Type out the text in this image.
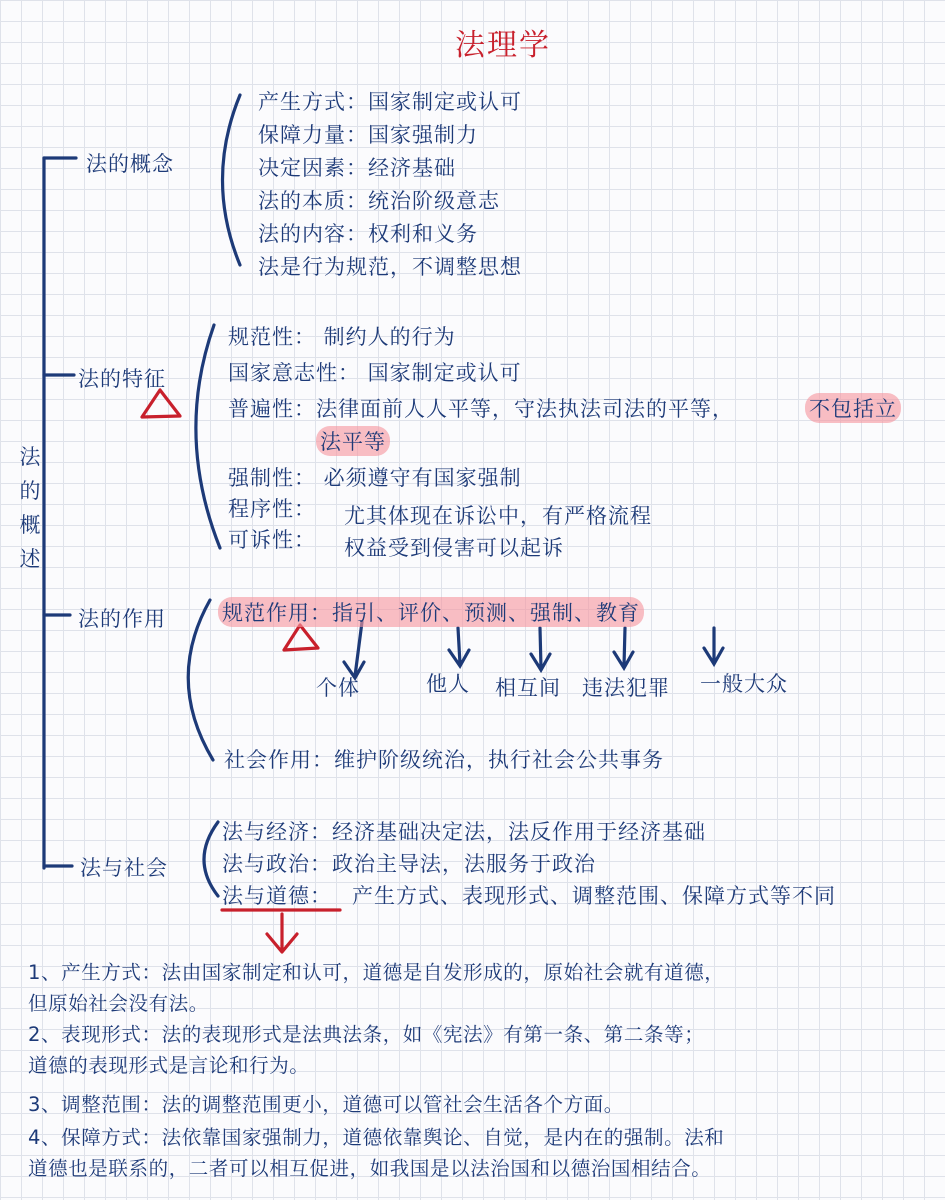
法理学
法的概述
法的概念
产生方式：国家制定或认可
保障力量：国家强制力
决定因素：经济基础
法的本质：统治阶级意志
法的内容：权利和义务
法是行为规范，不调整思想
法的特征
规范性： 制约人的行为
国家意志性： 国家制定或认可
普遍性：法律面前人人平等，守法执法司法的平等，	不包括立
法平等
强制性： 必须遵守有国家强制
程序性： 尤其体现在诉讼中，有严格流程
可诉性： 权益受到侵害可以起诉
法的作用	规范作用：指引、评价、预测、强制、教育
个体	他人 相互间 违法犯罪 一般大众
社会作用：维护阶级统治，执行社会公共事务
法与社会
法与经济：经济基础决定法，法反作用于经济基础
法与政治：政治主导法，法服务于政治
法与道德： 产生方式、表现形式、调整范围、保障方式等不同
1、产生方式：法由国家制定和认可，道德是自发形成的，原始社会就有道德，
但原始社会没有法。
2、表现形式：法的表现形式是法典法条，如《宪法》有第一条、第二条等；
道德的表现形式是言论和行为。
3、调整范围：法的调整范围更小，道德可以管社会生活各个方面。
4、保障方式：法依靠国家强制力，道德依靠舆论、自觉，是内在的强制。法和
道德也是联系的，二者可以相互促进，如我国是以法治国和以德治国相结合。
